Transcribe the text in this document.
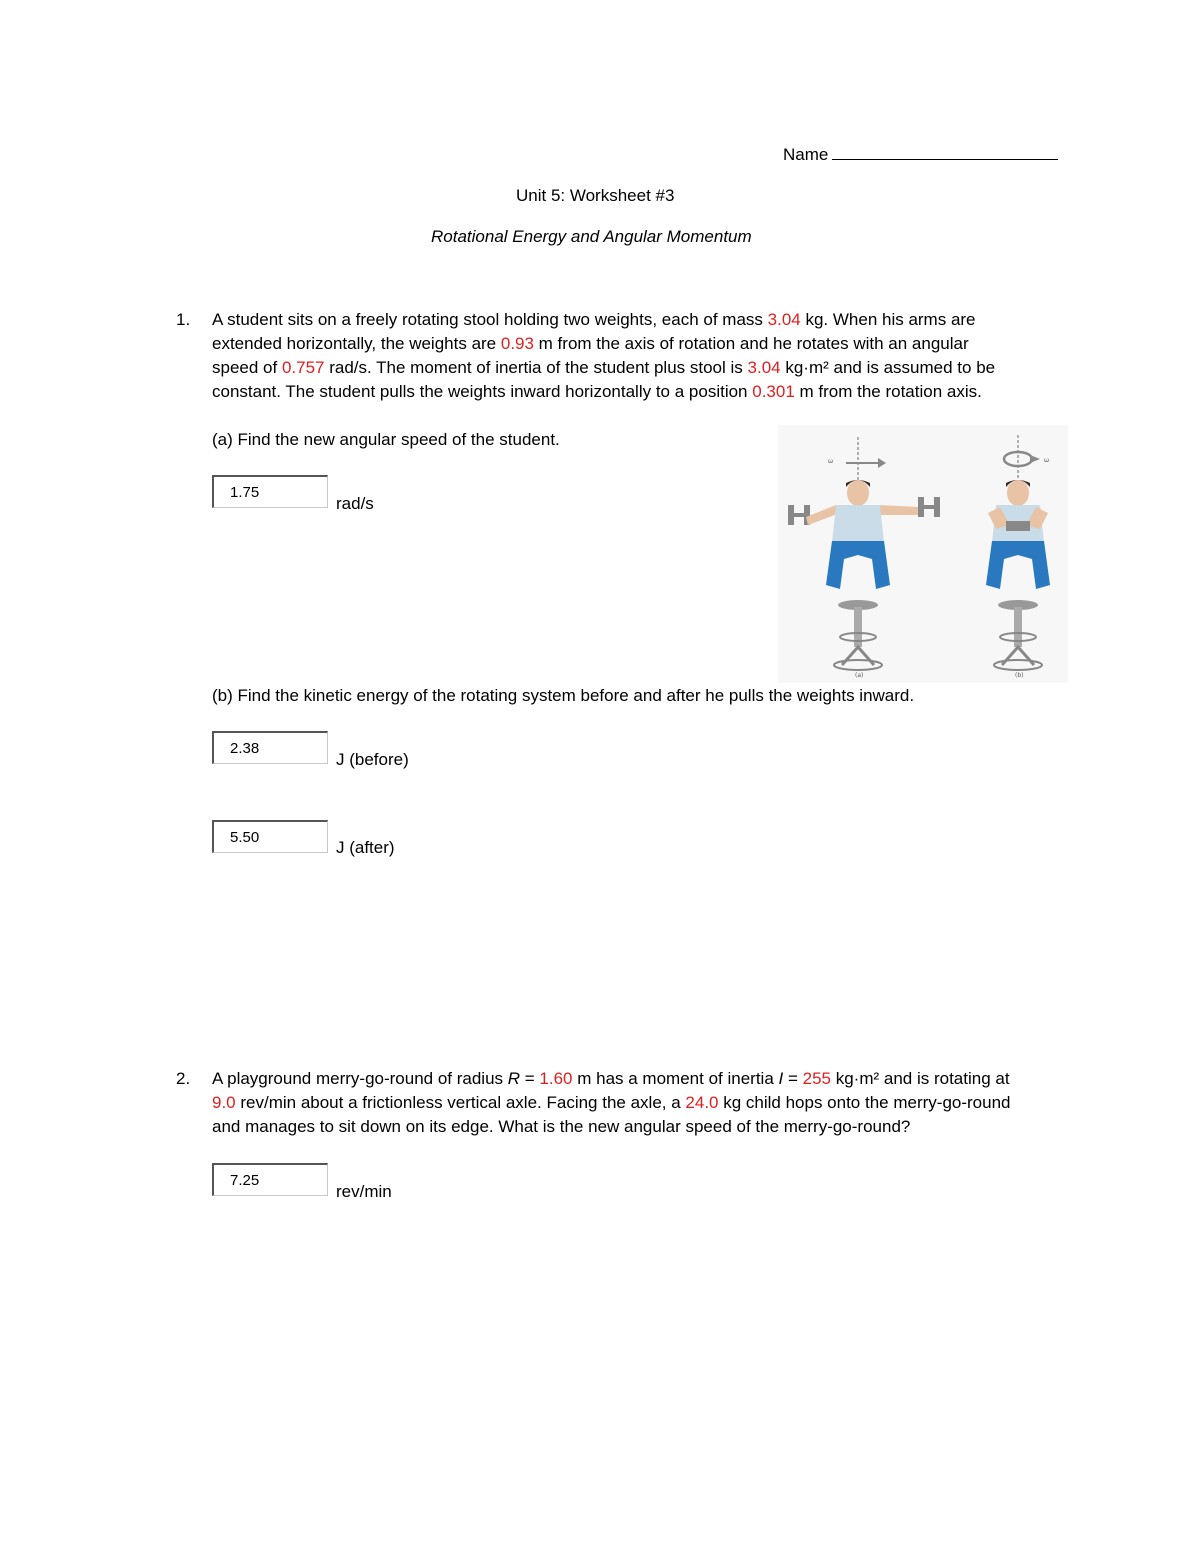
Name
Unit 5: Worksheet #3
Rotational Energy and Angular Momentum
1. A student sits on a freely rotating stool holding two weights, each of mass 3.04 kg. When his arms are
extended horizontally, the weights are 0.93 m from the axis of rotation and he rotates with an angular
speed of 0.757 rad/s. The moment of inertia of the student plus stool is 3.04 kg·m² and is assumed to be
constant. The student pulls the weights inward horizontally to a position 0.301 m from the rotation axis.
(a) Find the new angular speed of the student.
1.75
rad/s
ω
(a)
ω
(b)
(b) Find the kinetic energy of the rotating system before and after he pulls the weights inward.
2.38
J (before)
5.50
J (after)
2. A playground merry-go-round of radius R = 1.60 m has a moment of inertia I = 255 kg·m² and is rotating at
9.0 rev/min about a frictionless vertical axle. Facing the axle, a 24.0 kg child hops onto the merry-go-round
and manages to sit down on its edge. What is the new angular speed of the merry-go-round?
7.25
rev/min
